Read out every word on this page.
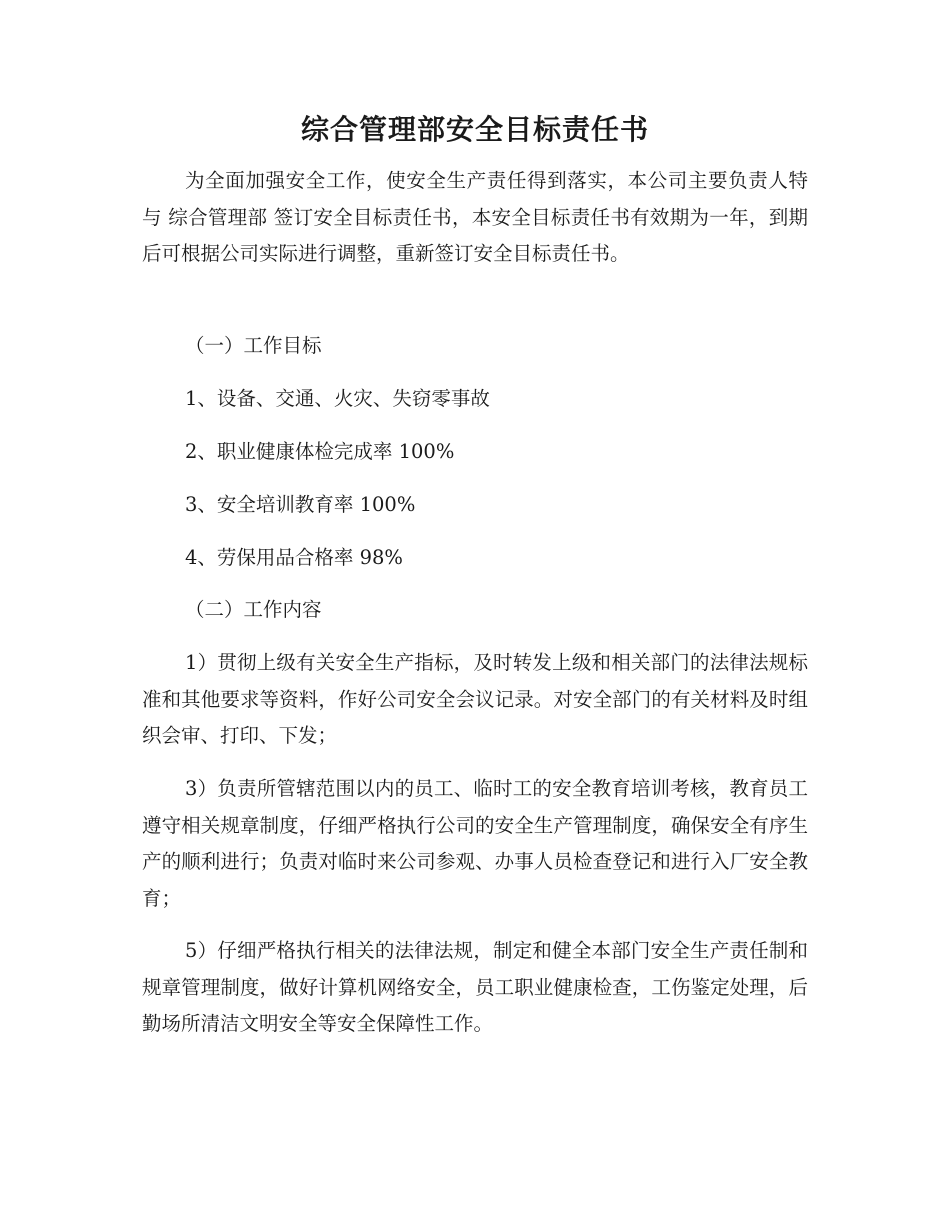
综合管理部安全目标责任书

为全面加强安全工作，使安全生产责任得到落实，本公司主要负责人特与 综合管理部 签订安全目标责任书，本安全目标责任书有效期为一年，到期后可根据公司实际进行调整，重新签订安全目标责任书。

（一）工作目标
1、设备、交通、火灾、失窃零事故
2、职业健康体检完成率 100%
3、安全培训教育率 100%
4、劳保用品合格率 98%
（二）工作内容

1）贯彻上级有关安全生产指标，及时转发上级和相关部门的法律法规标准和其他要求等资料，作好公司安全会议记录。对安全部门的有关材料及时组织会审、打印、下发；

3）负责所管辖范围以内的员工、临时工的安全教育培训考核，教育员工遵守相关规章制度，仔细严格执行公司的安全生产管理制度，确保安全有序生产的顺利进行；负责对临时来公司参观、办事人员检查登记和进行入厂安全教育；

5）仔细严格执行相关的法律法规，制定和健全本部门安全生产责任制和规章管理制度，做好计算机网络安全，员工职业健康检查，工伤鉴定处理，后勤场所清洁文明安全等安全保障性工作。
